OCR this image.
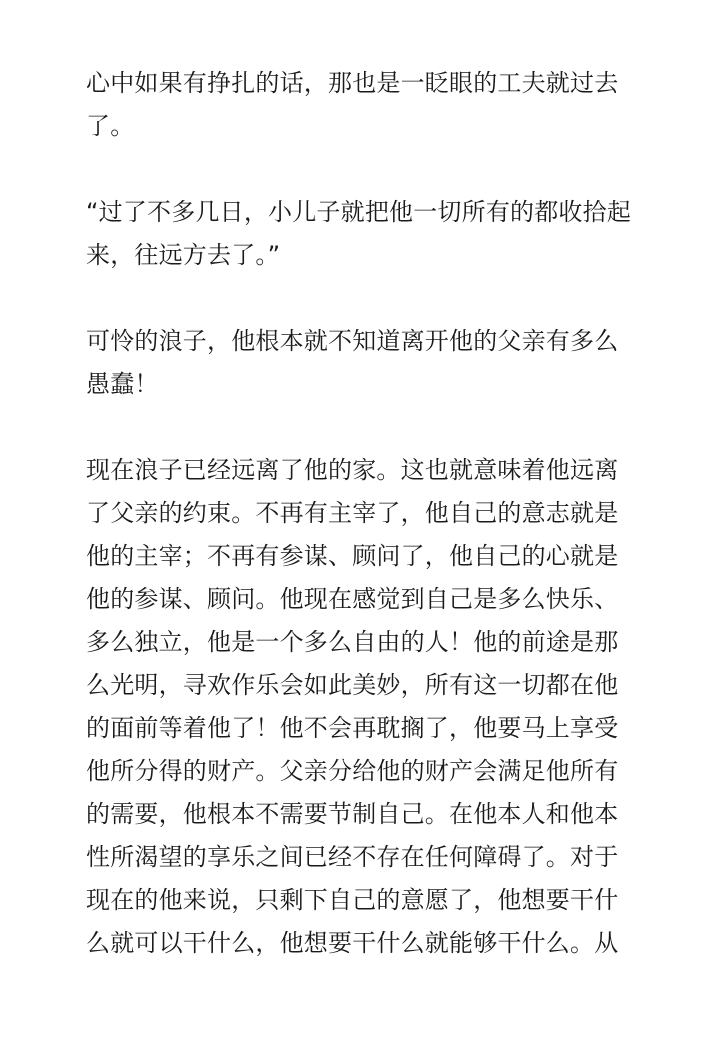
心中如果有挣扎的话，那也是一眨眼的工夫就过去
了。

“过了不多几日，小儿子就把他一切所有的都收拾起
来，往远方去了。”

可怜的浪子，他根本就不知道离开他的父亲有多么
愚蠢！

现在浪子已经远离了他的家。这也就意味着他远离
了父亲的约束。不再有主宰了，他自己的意志就是
他的主宰；不再有参谋、顾问了，他自己的心就是
他的参谋、顾问。他现在感觉到自己是多么快乐、
多么独立，他是一个多么自由的人！他的前途是那
么光明，寻欢作乐会如此美妙，所有这一切都在他
的面前等着他了！他不会再耽搁了，他要马上享受
他所分得的财产。父亲分给他的财产会满足他所有
的需要，他根本不需要节制自己。在他本人和他本
性所渴望的享乐之间已经不存在任何障碍了。对于
现在的他来说，只剩下自己的意愿了，他想要干什
么就可以干什么，他想要干什么就能够干什么。从
